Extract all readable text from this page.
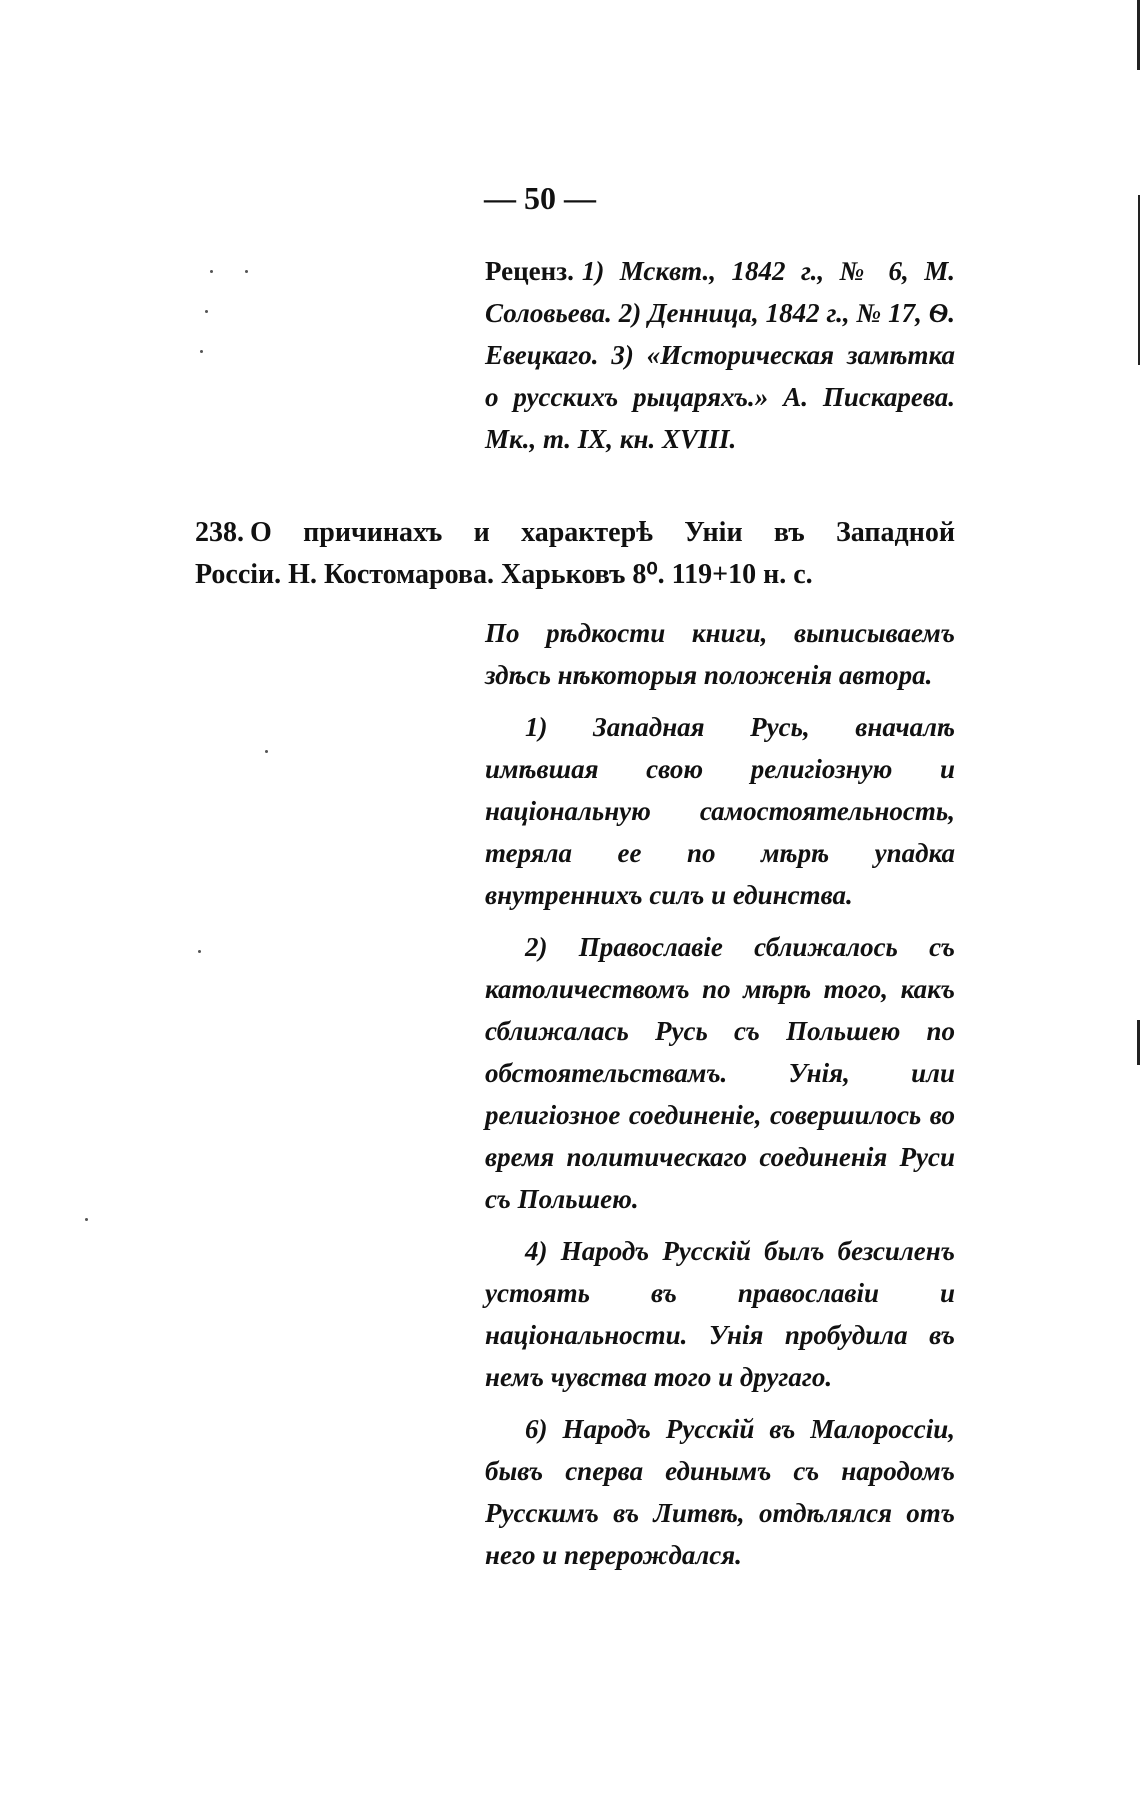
— 50 —
Реценз. 1) Мсквт., 1842 г., № 6, М. Соловьева. 2) Денница, 1842 г., № 17, Ѳ. Евецкаго. 3) «Историческая замѣтка о русскихъ рыцаряхъ.» А. Пискарева. Мк., т. IX, кн. XVIII.
238. О причинахъ и характерѣ Уніи въ Западной
Россіи. Н. Костомарова. Харьковъ 8⁰. 119+10 н. с.

По рѣдкости книги, выписываемъ здѣсь нѣкоторыя положенія автора.

1) Западная Русь, вначалѣ имѣвшая свою религіозную и національную самостоятельность, теряла ее по мѣрѣ упадка внутреннихъ силъ и единства.

2) Православіе сближалось съ католичествомъ по мѣрѣ того, какъ сближалась Русь съ Польшею по обстоятельствамъ. Унія, или религіозное соединеніе, совершилось во время политическаго соединенія Руси съ Польшею.

4) Народъ Русскій былъ безсиленъ устоять въ православіи и національности. Унія пробудила въ немъ чувства того и другаго.

6) Народъ Русскій въ Малороссіи, бывъ сперва единымъ съ народомъ Русскимъ въ Литвѣ, отдѣлялся отъ него и перерождался.
